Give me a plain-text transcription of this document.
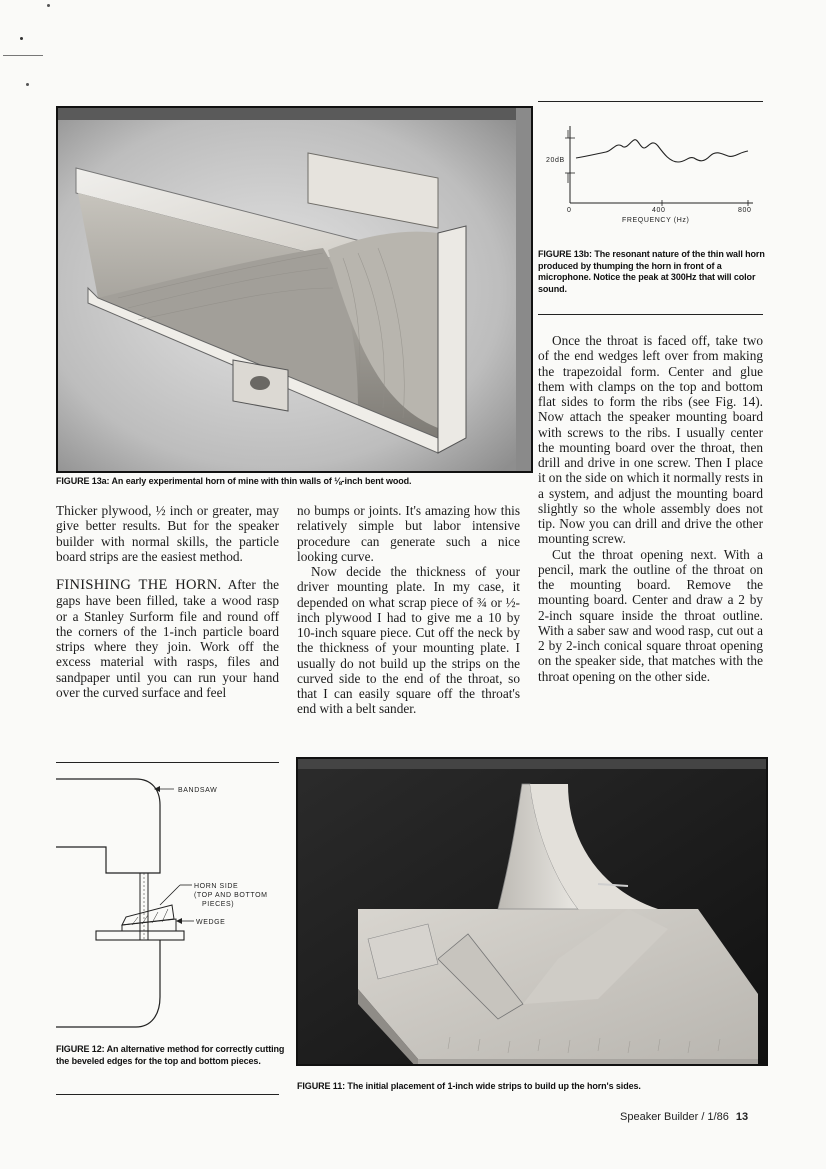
FIGURE 13a: An early experimental horn of mine with thin walls of ⅛-inch bent wood.
20dB
0	400	800
FREQUENCY (Hz)
FIGURE 13b: The resonant nature of the thin wall horn produced by thumping the horn in front of a microphone. Notice the peak at 300Hz that will color sound.

Thicker plywood, ½ inch or greater, may give better results. But for the speaker builder with normal skills, the particle board strips are the easiest method.

FINISHING THE HORN. After the gaps have been filled, take a wood rasp or a Stanley Surform file and round off the corners of the 1-inch particle board strips where they join. Work off the excess material with rasps, files and sandpaper until you can run your hand over the curved surface and feel

no bumps or joints. It's amazing how this relatively simple but labor intensive procedure can generate such a nice looking curve.

Now decide the thickness of your driver mounting plate. In my case, it depended on what scrap piece of ¾ or ½-inch plywood I had to give me a 10 by 10-inch square piece. Cut off the neck by the thickness of your mounting plate. I usually do not build up the strips on the curved side to the end of the throat, so that I can easily square off the throat's end with a belt sander.

Once the throat is faced off, take two of the end wedges left over from making the trapezoidal form. Center and glue them with clamps on the top and bottom flat sides to form the ribs (see Fig. 14). Now attach the speaker mounting board with screws to the ribs. I usually center the mounting board over the throat, then drill and drive in one screw. Then I place it on the side on which it normally rests in a system, and adjust the mounting board slightly so the whole assembly does not tip. Now you can drill and drive the other mounting screw.

Cut the throat opening next. With a pencil, mark the outline of the throat on the mounting board. Remove the mounting board. Center and draw a 2 by 2-inch square inside the throat outline. With a saber saw and wood rasp, cut out a 2 by 2-inch conical square throat opening on the speaker side, that matches with the throat opening on the other side.

BANDSAW
HORN SIDE
(TOP AND BOTTOM
PIECES)
WEDGE
FIGURE 12: An alternative method for correctly cutting the beveled edges for the top and bottom pieces.
FIGURE 11: The initial placement of 1-inch wide strips to build up the horn's sides.
Speaker Builder / 1/86 13
